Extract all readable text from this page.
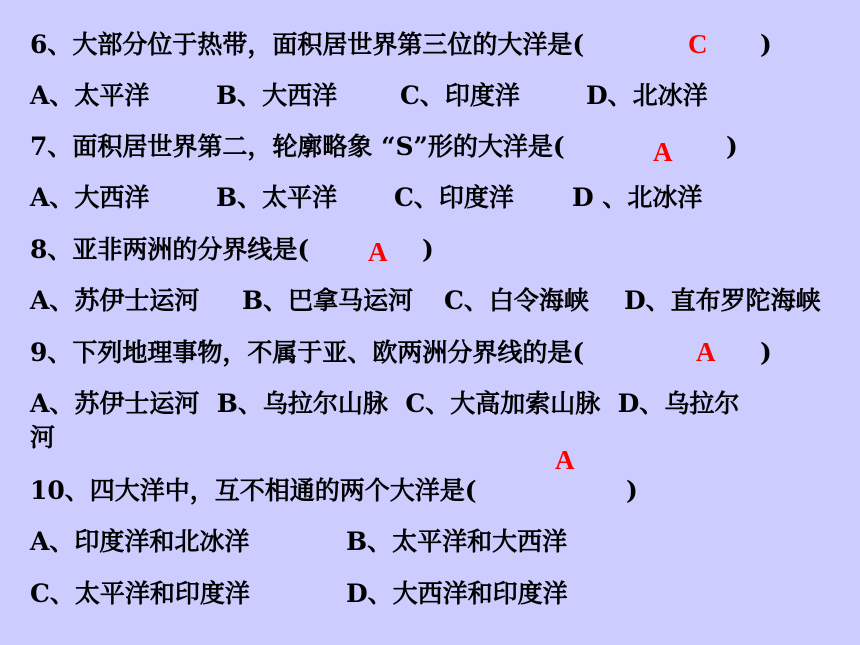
6、大部分位于热带，面积居世界第三位的大洋是(	)
C
A、太平洋	B、大西洋	C、印度洋	D、北冰洋
7、面积居世界第二，轮廓略象 “S”形的大洋是(	)
A
A、大西洋	B、太平洋 C、印度洋 D 、北冰洋
8、亚非两洲的分界线是(	)
A
A、苏伊士运河 B、巴拿马运河 C、白令海峡 D、直布罗陀海峡
9、下列地理事物，不属于亚、欧两洲分界线的是(	)
A
A、苏伊士运河  B、乌拉尔山脉  C、大高加索山脉  D、乌拉尔
河
A
10、四大洋中，互不相通的两个大洋是(	)
A、印度洋和北冰洋	B、太平洋和大西洋
C、太平洋和印度洋	D、大西洋和印度洋
